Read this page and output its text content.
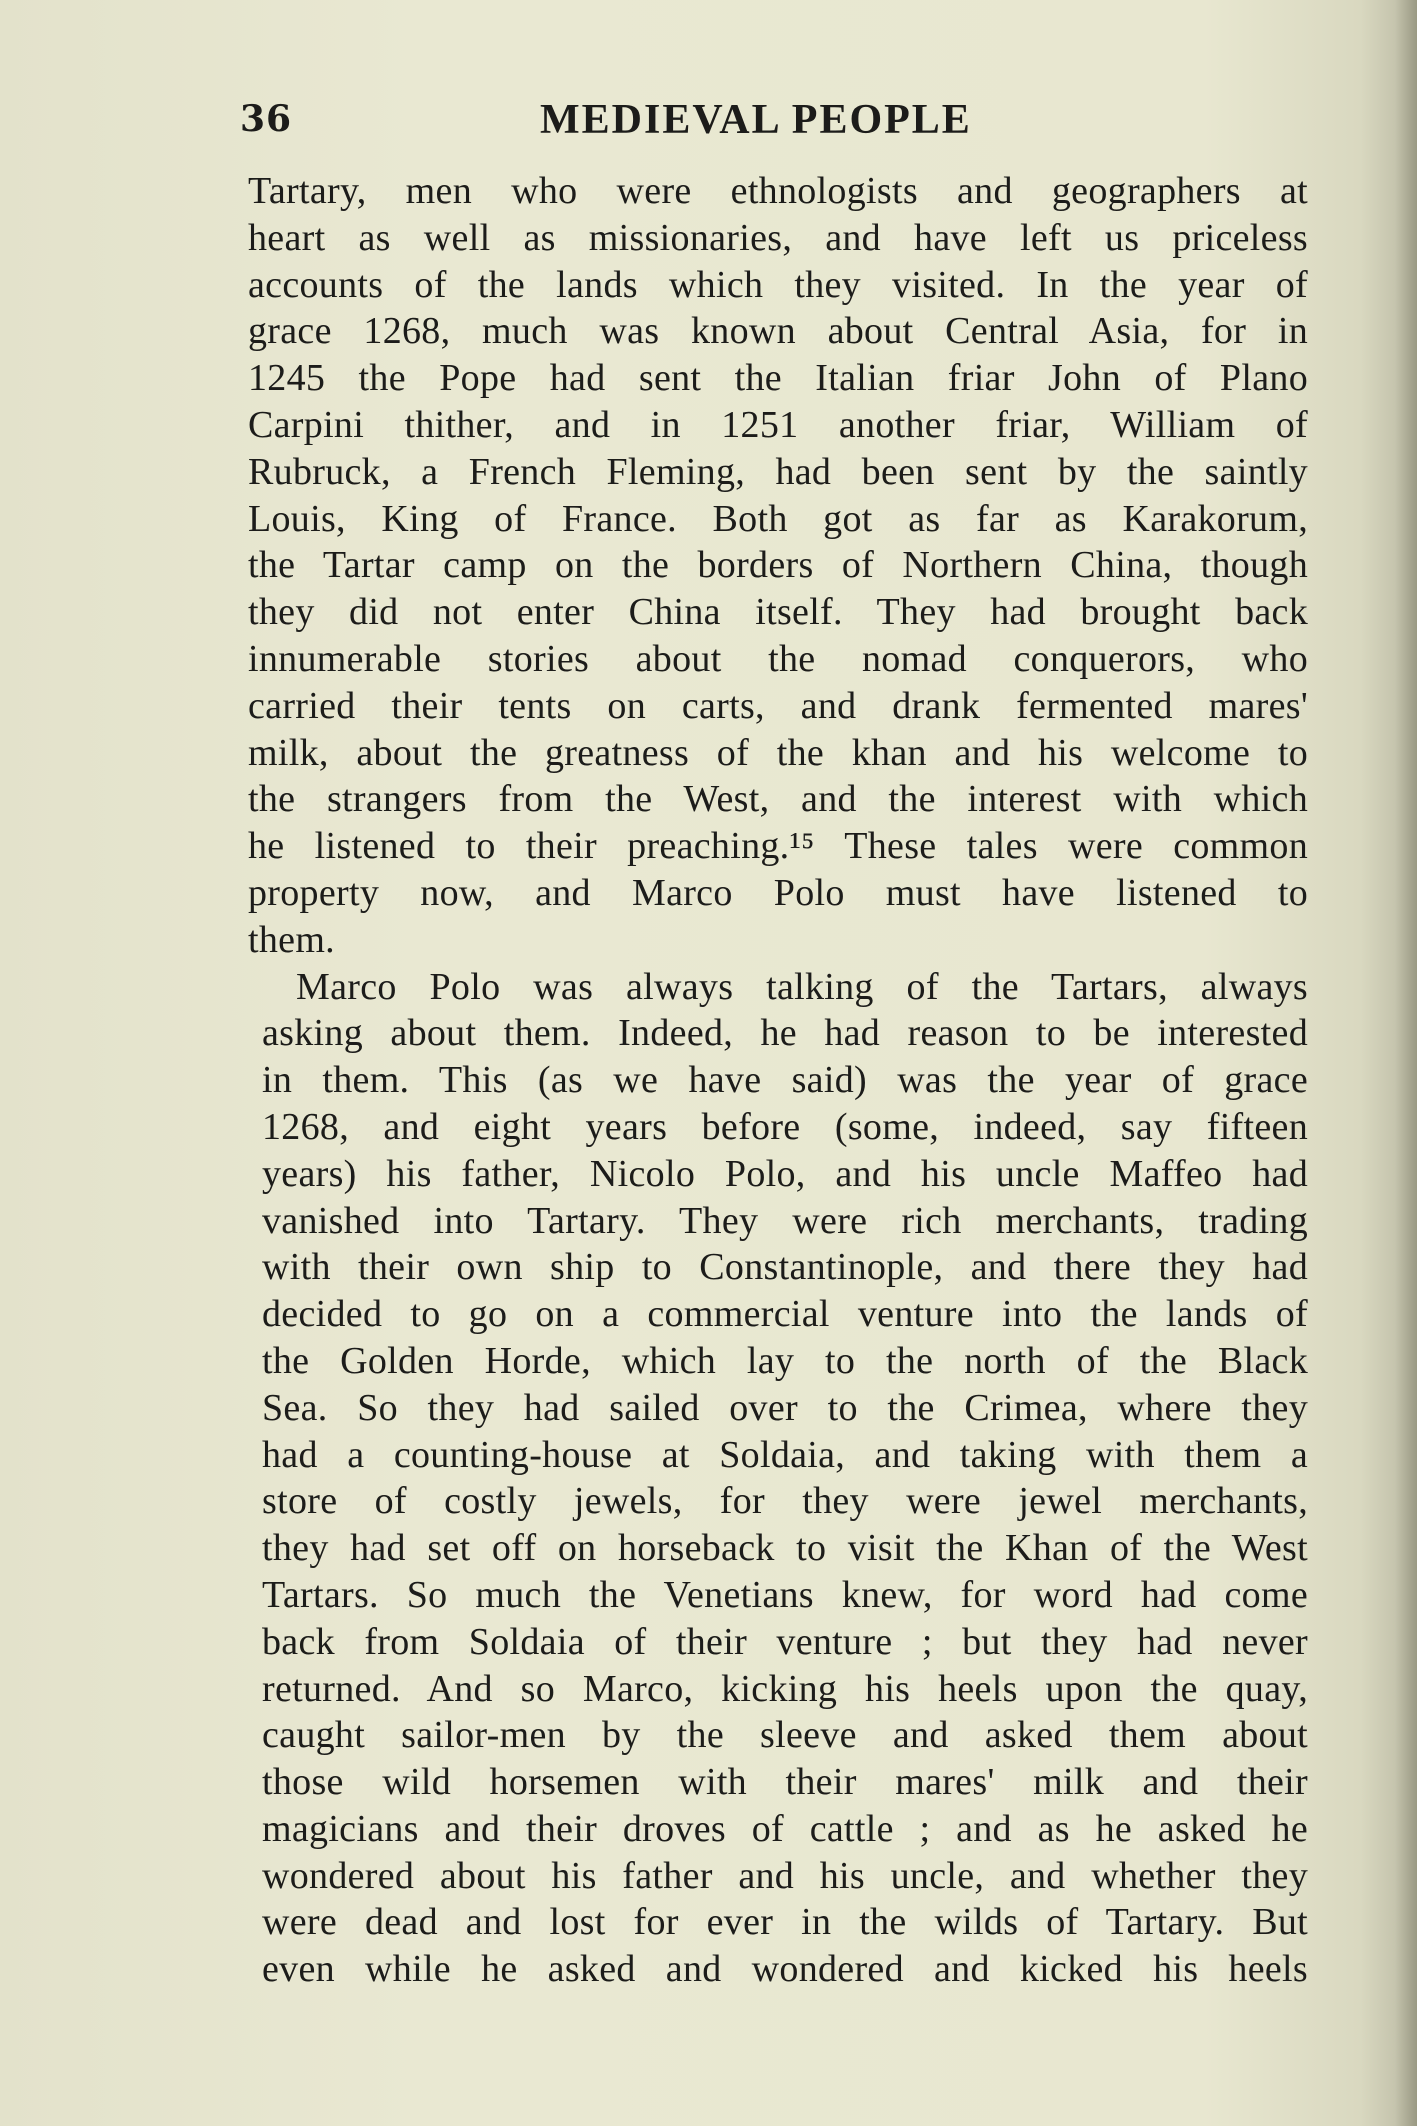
36	MEDIEVAL PEOPLE
Tartary, men who were ethnologists and geographers at
heart as well as missionaries, and have left us priceless
accounts of the lands which they visited. In the year of
grace 1268, much was known about Central Asia, for in
1245 the Pope had sent the Italian friar John of Plano
Carpini thither, and in 1251 another friar, William of
Rubruck, a French Fleming, had been sent by the saintly
Louis, King of France. Both got as far as Karakorum,
the Tartar camp on the borders of Northern China, though
they did not enter China itself. They had brought back
innumerable stories about the nomad conquerors, who
carried their tents on carts, and drank fermented mares'
milk, about the greatness of the khan and his welcome to
the strangers from the West, and the interest with which
he listened to their preaching.¹⁵ These tales were common
property now, and Marco Polo must have listened to
them.
Marco Polo was always talking of the Tartars, always
asking about them. Indeed, he had reason to be interested
in them. This (as we have said) was the year of grace
1268, and eight years before (some, indeed, say fifteen
years) his father, Nicolo Polo, and his uncle Maffeo had
vanished into Tartary. They were rich merchants, trading
with their own ship to Constantinople, and there they had
decided to go on a commercial venture into the lands of
the Golden Horde, which lay to the north of the Black
Sea. So they had sailed over to the Crimea, where they
had a counting-house at Soldaia, and taking with them a
store of costly jewels, for they were jewel merchants,
they had set off on horseback to visit the Khan of the West
Tartars. So much the Venetians knew, for word had come
back from Soldaia of their venture ; but they had never
returned. And so Marco, kicking his heels upon the quay,
caught sailor-men by the sleeve and asked them about
those wild horsemen with their mares' milk and their
magicians and their droves of cattle ; and as he asked he
wondered about his father and his uncle, and whether they
were dead and lost for ever in the wilds of Tartary. But
even while he asked and wondered and kicked his heels
